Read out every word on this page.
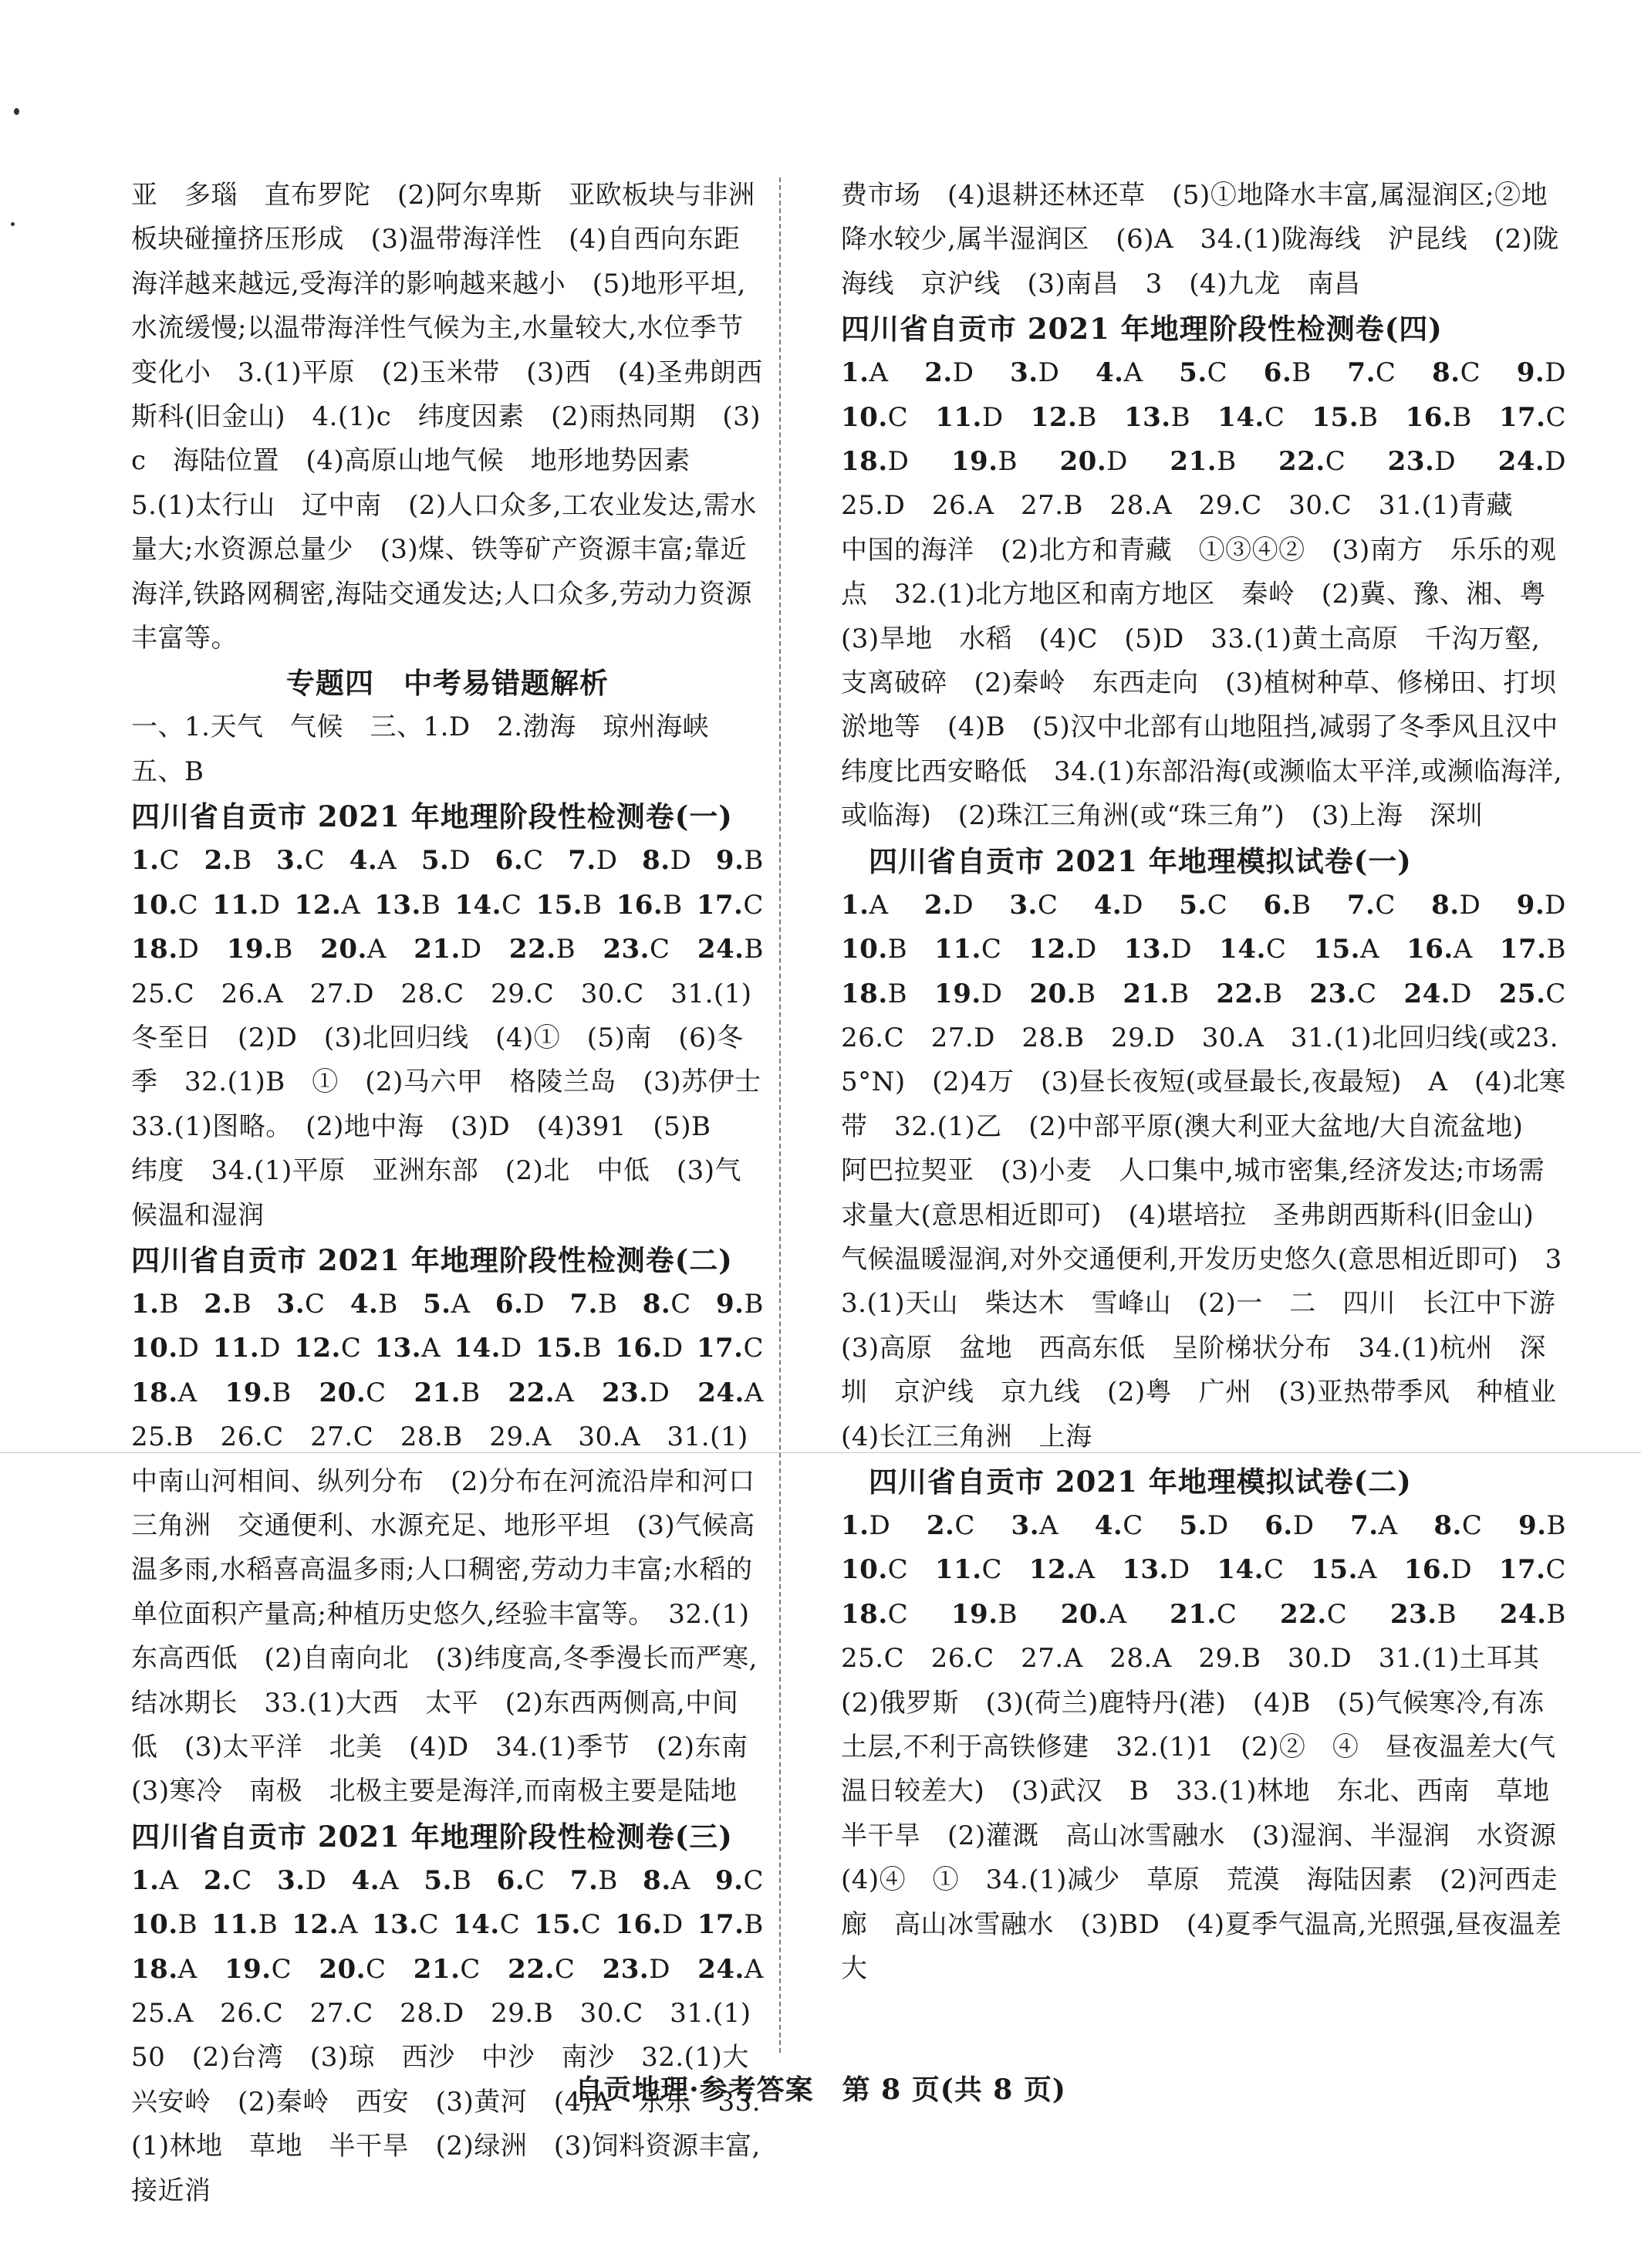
亚　多瑙　直布罗陀　(2)阿尔卑斯　亚欧板块与非洲板块碰撞挤压形成　(3)温带海洋性　(4)自西向东距海洋越来越远,受海洋的影响越来越小　(5)地形平坦,水流缓慢;以温带海洋性气候为主,水量较大,水位季节变化小　3.(1)平原　(2)玉米带　(3)西　(4)圣弗朗西斯科(旧金山)　4.(1)c　纬度因素　(2)雨热同期　(3)c　海陆位置　(4)高原山地气候　地形地势因素

5.(1)太行山　辽中南　(2)人口众多,工农业发达,需水量大;水资源总量少　(3)煤、铁等矿产资源丰富;靠近海洋,铁路网稠密,海陆交通发达;人口众多,劳动力资源丰富等。

专题四　中考易错题解析

一、1.天气　气候　三、1.D　2.渤海　琼州海峡　五、B

四川省自贡市 2021 年地理阶段性检测卷(一)

1.C 2.B 3.C 4.A 5.D 6.C 7.D 8.D 9.B

10.C 11.D 12.A 13.B 14.C 15.B 16.B 17.C

18.D 19.B 20.A 21.D 22.B 23.C 24.B

25.C　26.A　27.D　28.C　29.C　30.C　31.(1)冬至日　(2)D　(3)北回归线　(4)①　(5)南　(6)冬季　32.(1)B　①　(2)马六甲　格陵兰岛　(3)苏伊士　33.(1)图略。　(2)地中海　(3)D　(4)391　(5)B　纬度　34.(1)平原　亚洲东部　(2)北　中低　(3)气候温和湿润

四川省自贡市 2021 年地理阶段性检测卷(二)

1.B 2.B 3.C 4.B 5.A 6.D 7.B 8.C 9.B

10.D 11.D 12.C 13.A 14.D 15.B 16.D 17.C

18.A 19.B 20.C 21.B 22.A 23.D 24.A

25.B　26.C　27.C　28.B　29.A　30.A　31.(1)中南山河相间、纵列分布　(2)分布在河流沿岸和河口三角洲　交通便利、水源充足、地形平坦　(3)气候高温多雨,水稻喜高温多雨;人口稠密,劳动力丰富;水稻的单位面积产量高;种植历史悠久,经验丰富等。　32.(1)东高西低　(2)自南向北　(3)纬度高,冬季漫长而严寒,结冰期长　33.(1)大西　太平　(2)东西两侧高,中间低　(3)太平洋　北美　(4)D　34.(1)季节　(2)东南　(3)寒冷　南极　北极主要是海洋,而南极主要是陆地

四川省自贡市 2021 年地理阶段性检测卷(三)

1.A 2.C 3.D 4.A 5.B 6.C 7.B 8.A 9.C

10.B 11.B 12.A 13.C 14.C 15.C 16.D 17.B

18.A 19.C 20.C 21.C 22.C 23.D 24.A

25.A　26.C　27.C　28.D　29.B　30.C　31.(1)50　(2)台湾　(3)琼　西沙　中沙　南沙　32.(1)大兴安岭　(2)秦岭　西安　(3)黄河　(4)A　乐乐　33.(1)林地　草地　半干旱　(2)绿洲　(3)饲料资源丰富,接近消

费市场　(4)退耕还林还草　(5)①地降水丰富,属湿润区;②地降水较少,属半湿润区　(6)A　34.(1)陇海线　沪昆线　(2)陇海线　京沪线　(3)南昌　3　(4)九龙　南昌

四川省自贡市 2021 年地理阶段性检测卷(四)

1.A 2.D 3.D 4.A 5.C 6.B 7.C 8.C 9.D

10.C 11.D 12.B 13.B 14.C 15.B 16.B 17.C

18.D 19.B 20.D 21.B 22.C 23.D 24.D

25.D　26.A　27.B　28.A　29.C　30.C　31.(1)青藏　中国的海洋　(2)北方和青藏　①③④②　(3)南方　乐乐的观点　32.(1)北方地区和南方地区　秦岭　(2)冀、豫、湘、粤　(3)旱地　水稻　(4)C　(5)D　33.(1)黄土高原　千沟万壑,支离破碎　(2)秦岭　东西走向　(3)植树种草、修梯田、打坝淤地等　(4)B　(5)汉中北部有山地阻挡,减弱了冬季风且汉中纬度比西安略低　34.(1)东部沿海(或濒临太平洋,或濒临海洋,或临海)　(2)珠江三角洲(或“珠三角”)　(3)上海　深圳

四川省自贡市 2021 年地理模拟试卷(一)

1.A 2.D 3.C 4.D 5.C 6.B 7.C 8.D 9.D

10.B 11.C 12.D 13.D 14.C 15.A 16.A 17.B

18.B 19.D 20.B 21.B 22.B 23.C 24.D 25.C

26.C　27.D　28.B　29.D　30.A　31.(1)北回归线(或23.5°N)　(2)4万　(3)昼长夜短(或昼最长,夜最短)　A　(4)北寒带　32.(1)乙　(2)中部平原(澳大利亚大盆地/大自流盆地)　阿巴拉契亚　(3)小麦　人口集中,城市密集,经济发达;市场需求量大(意思相近即可)　(4)堪培拉　圣弗朗西斯科(旧金山)　气候温暖湿润,对外交通便利,开发历史悠久(意思相近即可)　33.(1)天山　柴达木　雪峰山　(2)一　二　四川　长江中下游　(3)高原　盆地　西高东低　呈阶梯状分布　34.(1)杭州　深圳　京沪线　京九线　(2)粤　广州　(3)亚热带季风　种植业　(4)长江三角洲　上海

四川省自贡市 2021 年地理模拟试卷(二)

1.D 2.C 3.A 4.C 5.D 6.D 7.A 8.C 9.B

10.C 11.C 12.A 13.D 14.C 15.A 16.D 17.C

18.C 19.B 20.A 21.C 22.C 23.B 24.B

25.C　26.C　27.A　28.A　29.B　30.D　31.(1)土耳其　(2)俄罗斯　(3)(荷兰)鹿特丹(港)　(4)B　(5)气候寒冷,有冻土层,不利于高铁修建　32.(1)1　(2)②　④　昼夜温差大(气温日较差大)　(3)武汉　B　33.(1)林地　东北、西南　草地　半干旱　(2)灌溉　高山冰雪融水　(3)湿润、半湿润　水资源　(4)④　①　34.(1)减少　草原　荒漠　海陆因素　(2)河西走廊　高山冰雪融水　(3)BD　(4)夏季气温高,光照强,昼夜温差大

自贡地理·参考答案　第 8 页(共 8 页)
